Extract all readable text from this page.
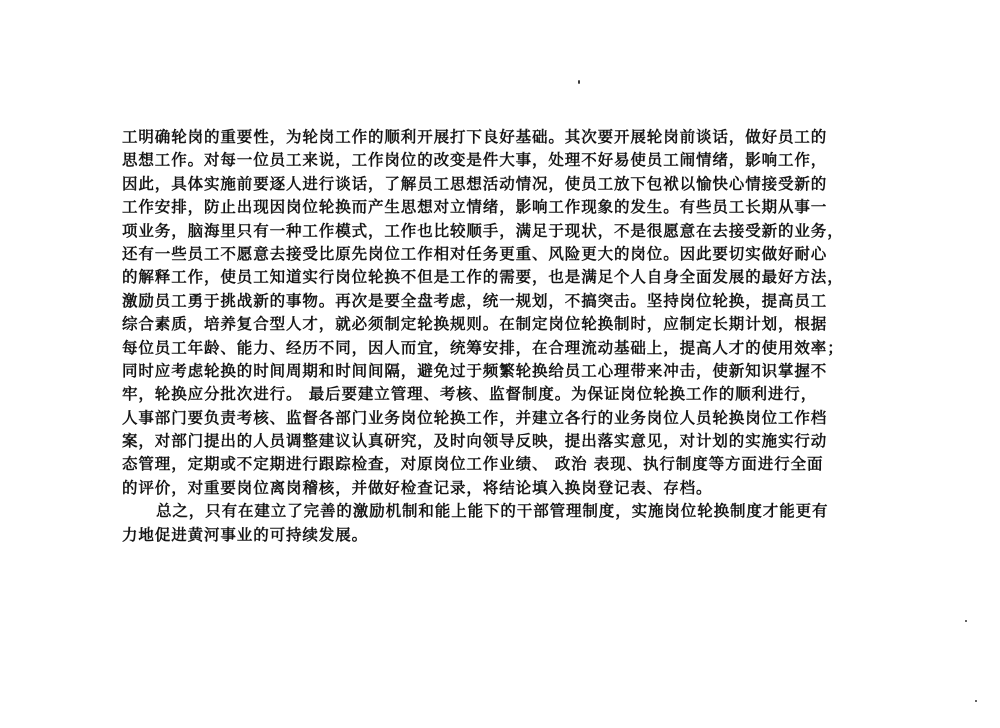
工明确轮岗的重要性，为轮岗工作的顺利开展打下良好基础。其次要开展轮岗前谈话，做好员工的
思想工作。对每一位员工来说，工作岗位的改变是件大事，处理不好易使员工闹情绪，影响工作，
因此，具体实施前要逐人进行谈话，了解员工思想活动情况，使员工放下包袱以愉快心情接受新的
工作安排，防止出现因岗位轮换而产生思想对立情绪，影响工作现象的发生。有些员工长期从事一
项业务，脑海里只有一种工作模式，工作也比较顺手，满足于现状，不是很愿意在去接受新的业务，
还有一些员工不愿意去接受比原先岗位工作相对任务更重、风险更大的岗位。因此要切实做好耐心
的解释工作，使员工知道实行岗位轮换不但是工作的需要，也是满足个人自身全面发展的最好方法，
激励员工勇于挑战新的事物。再次是要全盘考虑，统一规划，不搞突击。坚持岗位轮换，提高员工
综合素质，培养复合型人才，就必须制定轮换规则。在制定岗位轮换制时，应制定长期计划，根据
每位员工年龄、能力、经历不同，因人而宜，统筹安排，在合理流动基础上，提高人才的使用效率；
同时应考虑轮换的时间周期和时间间隔，避免过于频繁轮换给员工心理带来冲击，使新知识掌握不
牢，轮换应分批次进行。 最后要建立管理、考核、监督制度。为保证岗位轮换工作的顺利进行，
人事部门要负责考核、监督各部门业务岗位轮换工作，并建立各行的业务岗位人员轮换岗位工作档
案，对部门提出的人员调整建议认真研究，及时向领导反映，提出落实意见，对计划的实施实行动
态管理，定期或不定期进行跟踪检查，对原岗位工作业绩、 政治 表现、执行制度等方面进行全面
的评价，对重要岗位离岗稽核，并做好检查记录，将结论填入换岗登记表、存档。
总之，只有在建立了完善的激励机制和能上能下的干部管理制度，实施岗位轮换制度才能更有
力地促进黄河事业的可持续发展。
